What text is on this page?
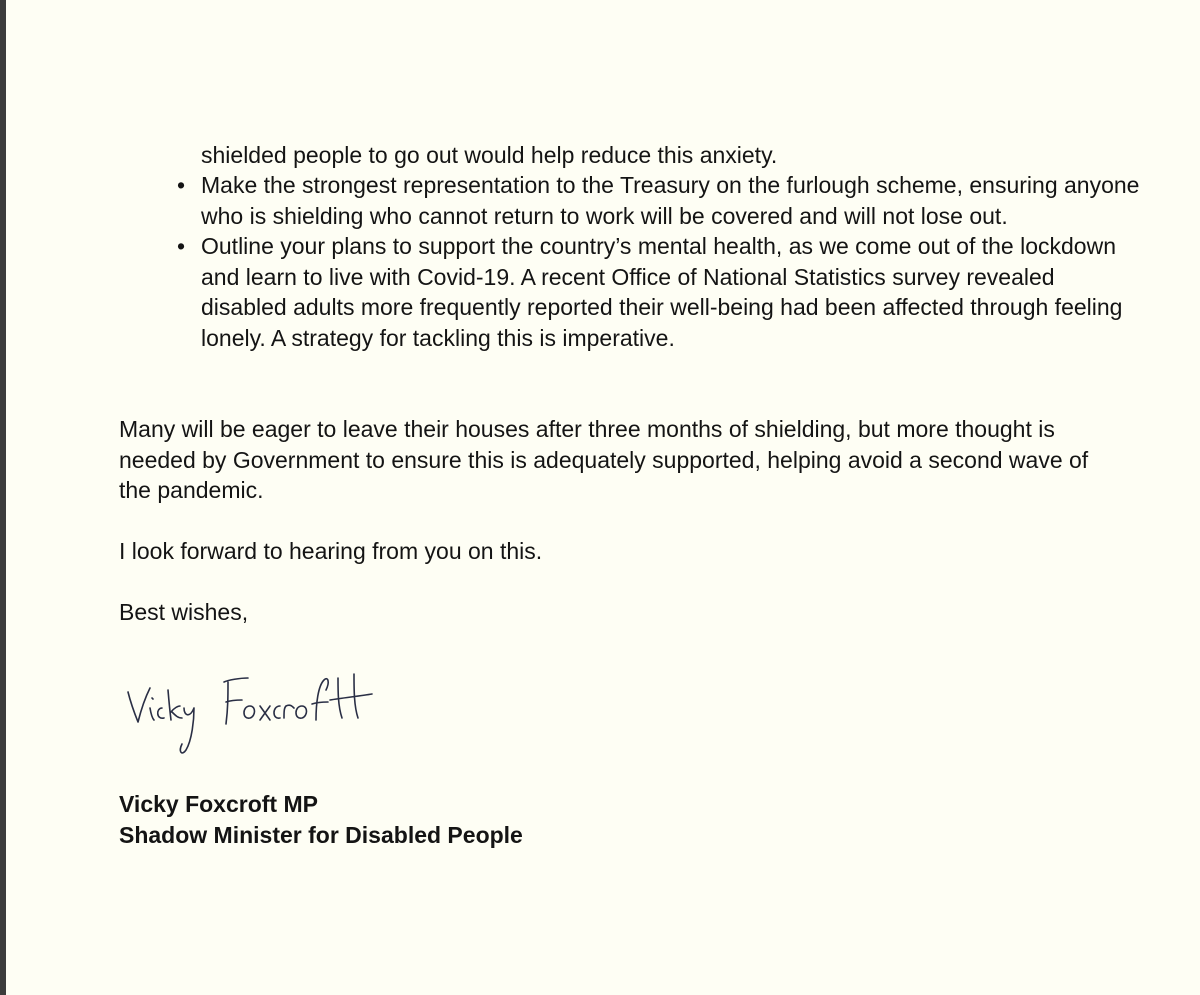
shielded people to go out would help reduce this anxiety.

• Make the strongest representation to the Treasury on the furlough scheme, ensuring anyone who is shielding who cannot return to work will be covered and will not lose out.
• Outline your plans to support the country’s mental health, as we come out of the lockdown and learn to live with Covid-19. A recent Office of National Statistics survey revealed disabled adults more frequently reported their well-being had been affected through feeling lonely. A strategy for tackling this is imperative.

Many will be eager to leave their houses after three months of shielding, but more thought is needed by Government to ensure this is adequately supported, helping avoid a second wave of the pandemic.

I look forward to hearing from you on this.

Best wishes,

Vicky Foxcroft MP

Shadow Minister for Disabled People
